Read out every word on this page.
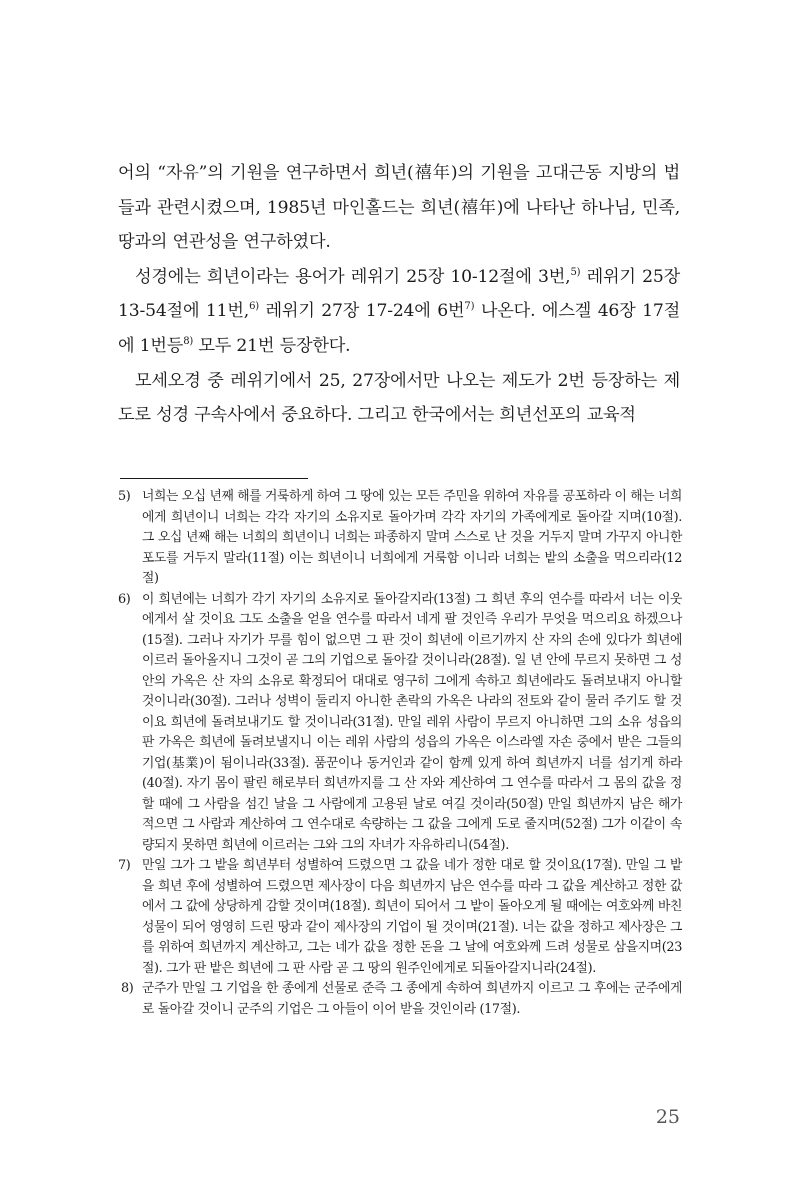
어의 “자유”의 기원을 연구하면서 희년(禧年)의 기원을 고대근동 지방의 법들과 관련시켰으며, 1985년 마인홀드는 희년(禧年)에 나타난 하나님, 민족, 땅과의 연관성을 연구하였다.

성경에는 희년이라는 용어가 레위기 25장 10-12절에 3번,$^{5)}$ 레위기 25장 13-54절에 11번,$^{6)}$ 레위기 27장 17-24에 6번$^{7)}$ 나온다. 에스겔 46장 17절에 1번등$^{8)}$ 모두 21번 등장한다.

모세오경 중 레위기에서 25, 27장에서만 나오는 제도가 2번 등장하는 제도로 성경 구속사에서 중요하다. 그리고 한국에서는 희년선포의 교육적

5) 너희는 오십 년째 해를 거룩하게 하여 그 땅에 있는 모든 주민을 위하여 자유를 공포하라 이 해는 너희에게 희년이니 너희는 각각 자기의 소유지로 돌아가며 각각 자기의 가족에게로 돌아갈 지며(10절). 그 오십 년째 해는 너희의 희년이니 너희는 파종하지 말며 스스로 난 것을 거두지 말며 가꾸지 아니한 포도를 거두지 말라(11절) 이는 희년이니 너희에게 거룩함 이니라 너희는 밭의 소출을 먹으리라(12절)

6) 이 희년에는 너희가 각기 자기의 소유지로 돌아갈지라(13절) 그 희년 후의 연수를 따라서 너는 이웃에게서 살 것이요 그도 소출을 얻을 연수를 따라서 네게 팔 것인즉 우리가 무엇을 먹으리요 하겠으나(15절). 그러나 자기가 무를 힘이 없으면 그 판 것이 희년에 이르기까지 산 자의 손에 있다가 희년에 이르러 돌아올지니 그것이 곧 그의 기업으로 돌아갈 것이니라(28절). 일 년 안에 무르지 못하면 그 성 안의 가옥은 산 자의 소유로 확정되어 대대로 영구히 그에게 속하고 희년에라도 돌려보내지 아니할 것이니라(30절). 그러나 성벽이 둘리지 아니한 촌락의 가옥은 나라의 전토와 같이 물러 주기도 할 것이요 희년에 돌려보내기도 할 것이니라(31절). 만일 레위 사람이 무르지 아니하면 그의 소유 성읍의 판 가옥은 희년에 돌려보낼지니 이는 레위 사람의 성읍의 가옥은 이스라엘 자손 중에서 받은 그들의 기업(基業)이 됨이니라(33절). 품꾼이나 동거인과 같이 함께 있게 하여 희년까지 너를 섬기게 하라(40절). 자기 몸이 팔린 해로부터 희년까지를 그 산 자와 계산하여 그 연수를 따라서 그 몸의 값을 정할 때에 그 사람을 섬긴 날을 그 사람에게 고용된 날로 여길 것이라(50절) 만일 희년까지 남은 해가 적으면 그 사람과 계산하여 그 연수대로 속량하는 그 값을 그에게 도로 줄지며(52절) 그가 이같이 속량되지 못하면 희년에 이르러는 그와 그의 자녀가 자유하리니(54절).

7) 만일 그가 그 밭을 희년부터 성별하여 드렸으면 그 값을 네가 정한 대로 할 것이요(17절). 만일 그 밭을 희년 후에 성별하여 드렸으면 제사장이 다음 희년까지 남은 연수를 따라 그 값을 계산하고 정한 값에서 그 값에 상당하게 감할 것이며(18절). 희년이 되어서 그 밭이 돌아오게 될 때에는 여호와께 바친 성물이 되어 영영히 드린 땅과 같이 제사장의 기업이 될 것이며(21절). 너는 값을 정하고 제사장은 그를 위하여 희년까지 계산하고, 그는 네가 값을 정한 돈을 그 날에 여호와께 드려 성물로 삼을지며(23절). 그가 판 밭은 희년에 그 판 사람 곧 그 땅의 원주인에게로 되돌아갈지니라(24절).

8) 군주가 만일 그 기업을 한 종에게 선물로 준즉 그 종에게 속하여 희년까지 이르고 그 후에는 군주에게로 돌아갈 것이니 군주의 기업은 그 아들이 이어 받을 것인이라 (17절).

25
